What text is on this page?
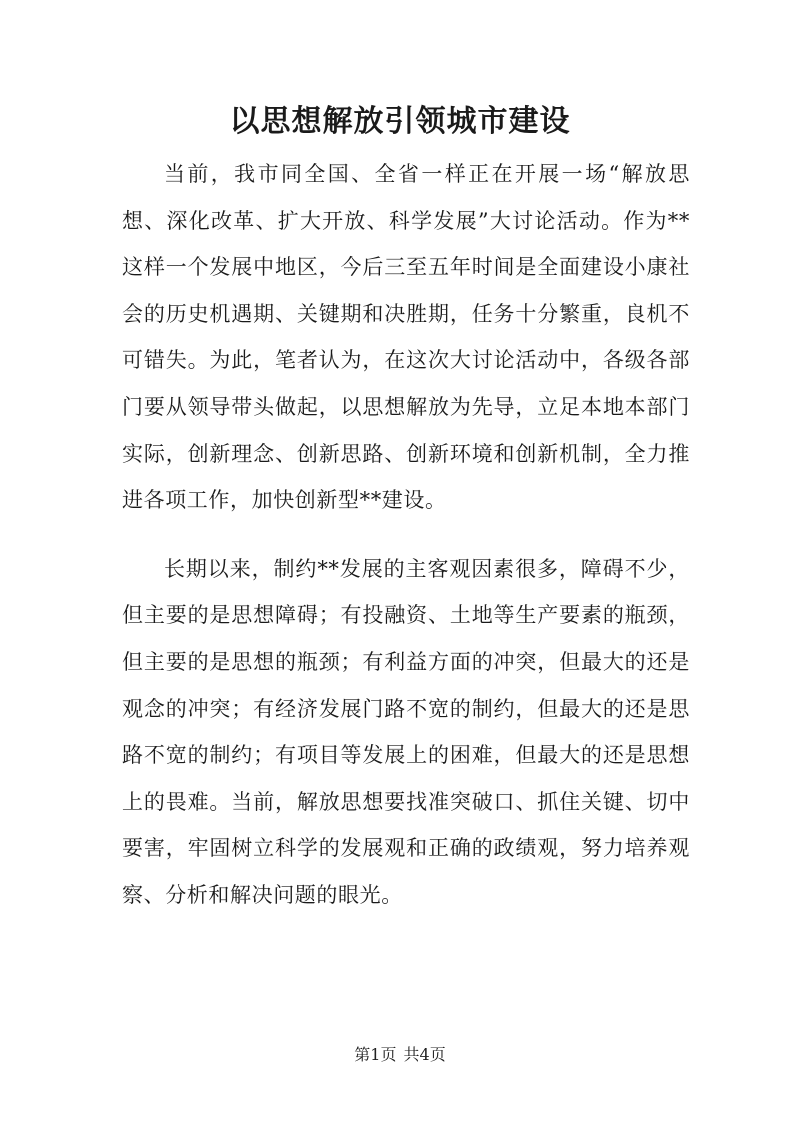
以思想解放引领城市建设

当前，我市同全国、全省一样正在开展一场“解放思想、深化改革、扩大开放、科学发展”大讨论活动。作为**这样一个发展中地区，今后三至五年时间是全面建设小康社会的历史机遇期、关键期和决胜期，任务十分繁重，良机不可错失。为此，笔者认为，在这次大讨论活动中，各级各部门要从领导带头做起，以思想解放为先导，立足本地本部门实际，创新理念、创新思路、创新环境和创新机制，全力推进各项工作，加快创新型**建设。

长期以来，制约**发展的主客观因素很多，障碍不少，但主要的是思想障碍；有投融资、土地等生产要素的瓶颈，但主要的是思想的瓶颈；有利益方面的冲突，但最大的还是观念的冲突；有经济发展门路不宽的制约，但最大的还是思路不宽的制约；有项目等发展上的困难，但最大的还是思想上的畏难。当前，解放思想要找准突破口、抓住关键、切中要害，牢固树立科学的发展观和正确的政绩观，努力培养观察、分析和解决问题的眼光。

第1页 共4页
